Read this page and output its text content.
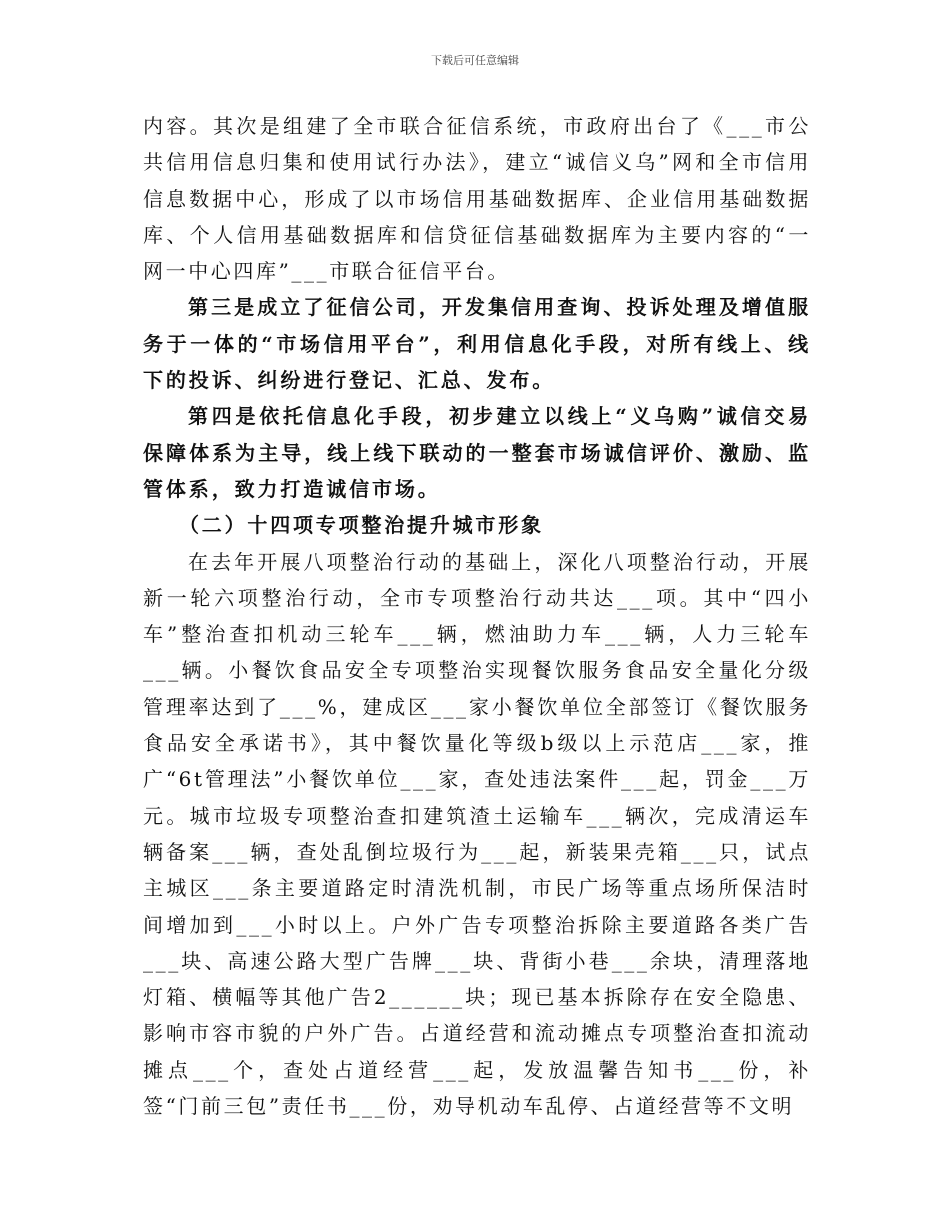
下载后可任意编辑

内容。其次是组建了全市联合征信系统，市政府出台了《___市公共信用信息归集和使用试行办法》，建立“诚信义乌”网和全市信用信息数据中心，形成了以市场信用基础数据库、企业信用基础数据库、个人信用基础数据库和信贷征信基础数据库为主要内容的“一网一中心四库”___市联合征信平台。

第三是成立了征信公司，开发集信用查询、投诉处理及增值服务于一体的“市场信用平台”，利用信息化手段，对所有线上、线下的投诉、纠纷进行登记、汇总、发布。

第四是依托信息化手段，初步建立以线上“义乌购”诚信交易保障体系为主导，线上线下联动的一整套市场诚信评价、激励、监管体系，致力打造诚信市场。

（二）十四项专项整治提升城市形象

在去年开展八项整治行动的基础上，深化八项整治行动，开展新一轮六项整治行动，全市专项整治行动共达___项。其中“四小车”整治查扣机动三轮车___辆，燃油助力车___辆，人力三轮车___辆。小餐饮食品安全专项整治实现餐饮服务食品安全量化分级管理率达到了___%，建成区___家小餐饮单位全部签订《餐饮服务食品安全承诺书》，其中餐饮量化等级b级以上示范店___家，推广“6t管理法”小餐饮单位___家，查处违法案件___起，罚金___万元。城市垃圾专项整治查扣建筑渣土运输车___辆次，完成清运车辆备案___辆，查处乱倒垃圾行为___起，新装果壳箱___只，试点主城区___条主要道路定时清洗机制，市民广场等重点场所保洁时间增加到___小时以上。户外广告专项整治拆除主要道路各类广告___块、高速公路大型广告牌___块、背街小巷___余块，清理落地灯箱、横幅等其他广告2______块；现已基本拆除存在安全隐患、影响市容市貌的户外广告。占道经营和流动摊点专项整治查扣流动摊点___个，查处占道经营___起，发放温馨告知书___份，补签“门前三包”责任书___份，劝导机动车乱停、占道经营等不文明
